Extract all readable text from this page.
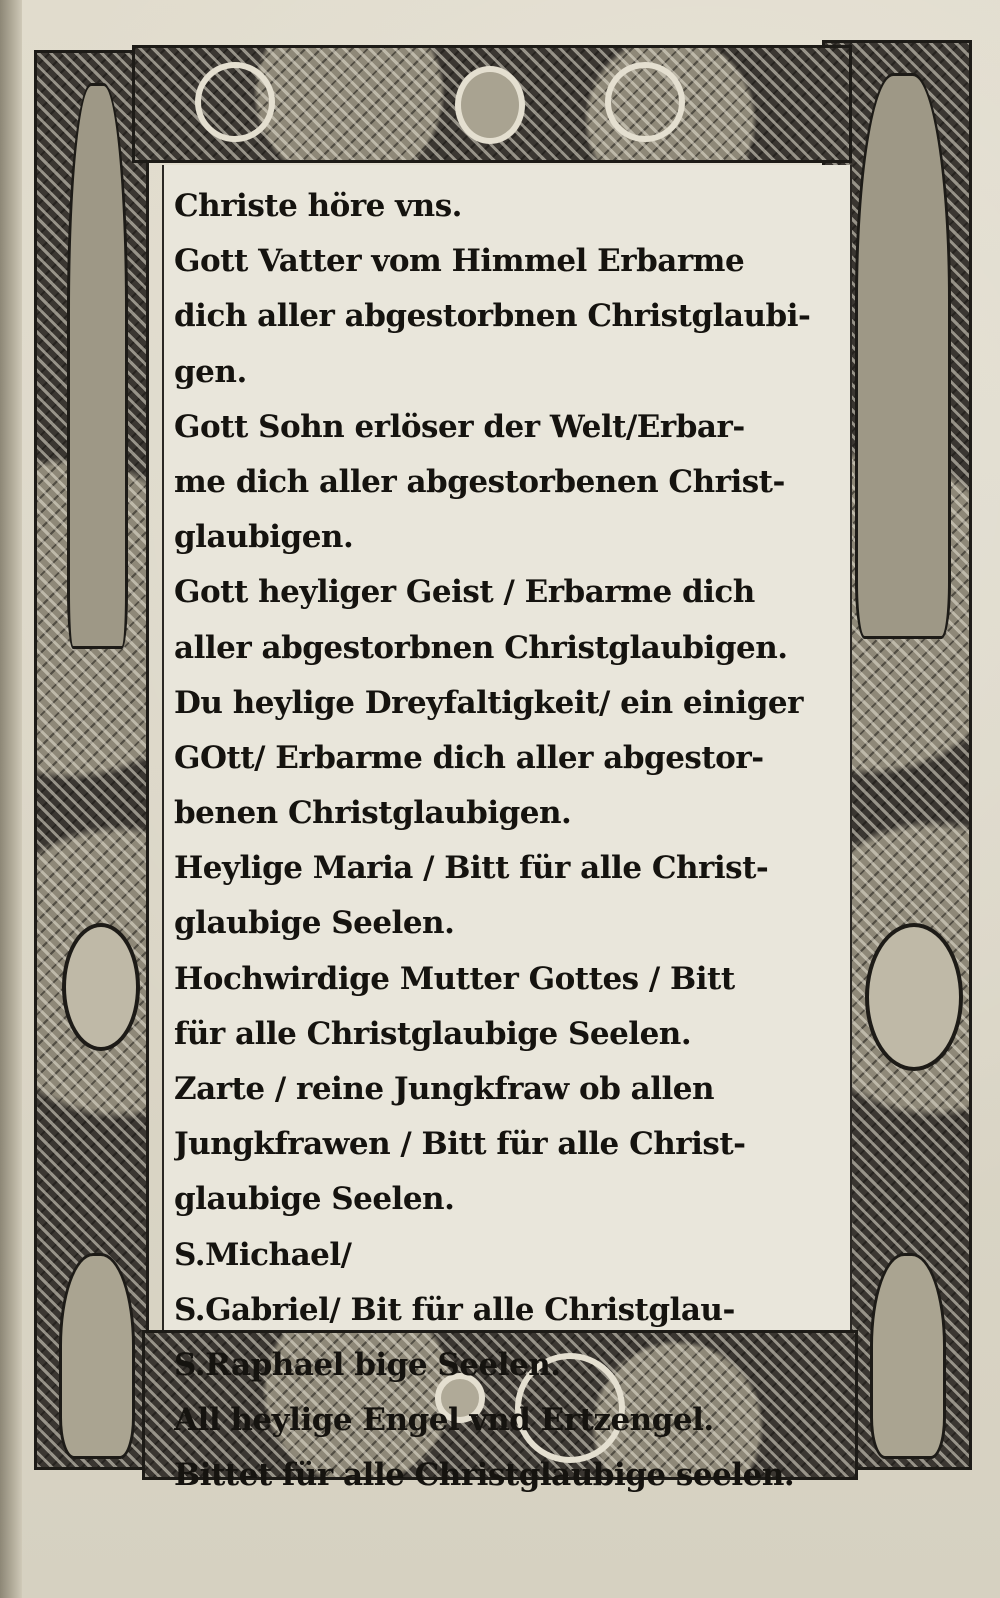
Christe höre vns.
Gott Vatter vom Himmel Erbarme
dich aller abgestorbnen Christglaubi-
gen.
Gott Sohn erlöser der Welt/Erbar-
me dich aller abgestorbenen Christ-
glaubigen.
Gott heyliger Geist / Erbarme dich
aller abgestorbnen Christglaubigen.
Du heylige Dreyfaltigkeit/ ein einiger
GOtt/ Erbarme dich aller abgestor-
benen Christglaubigen.
Heylige Maria / Bitt für alle Christ-
glaubige Seelen.
Hochwirdige Mutter Gottes / Bitt
für alle Christglaubige Seelen.
Zarte / reine Jungkfraw ob allen
Jungkfrawen / Bitt für alle Christ-
glaubige Seelen.
S.Michael/
S.Gabriel/ Bit für alle Christglau-
S.Raphael bige Seelen.
All heylige Engel vnd Ertzengel.
Bittet für alle Christglaubige seelen.
